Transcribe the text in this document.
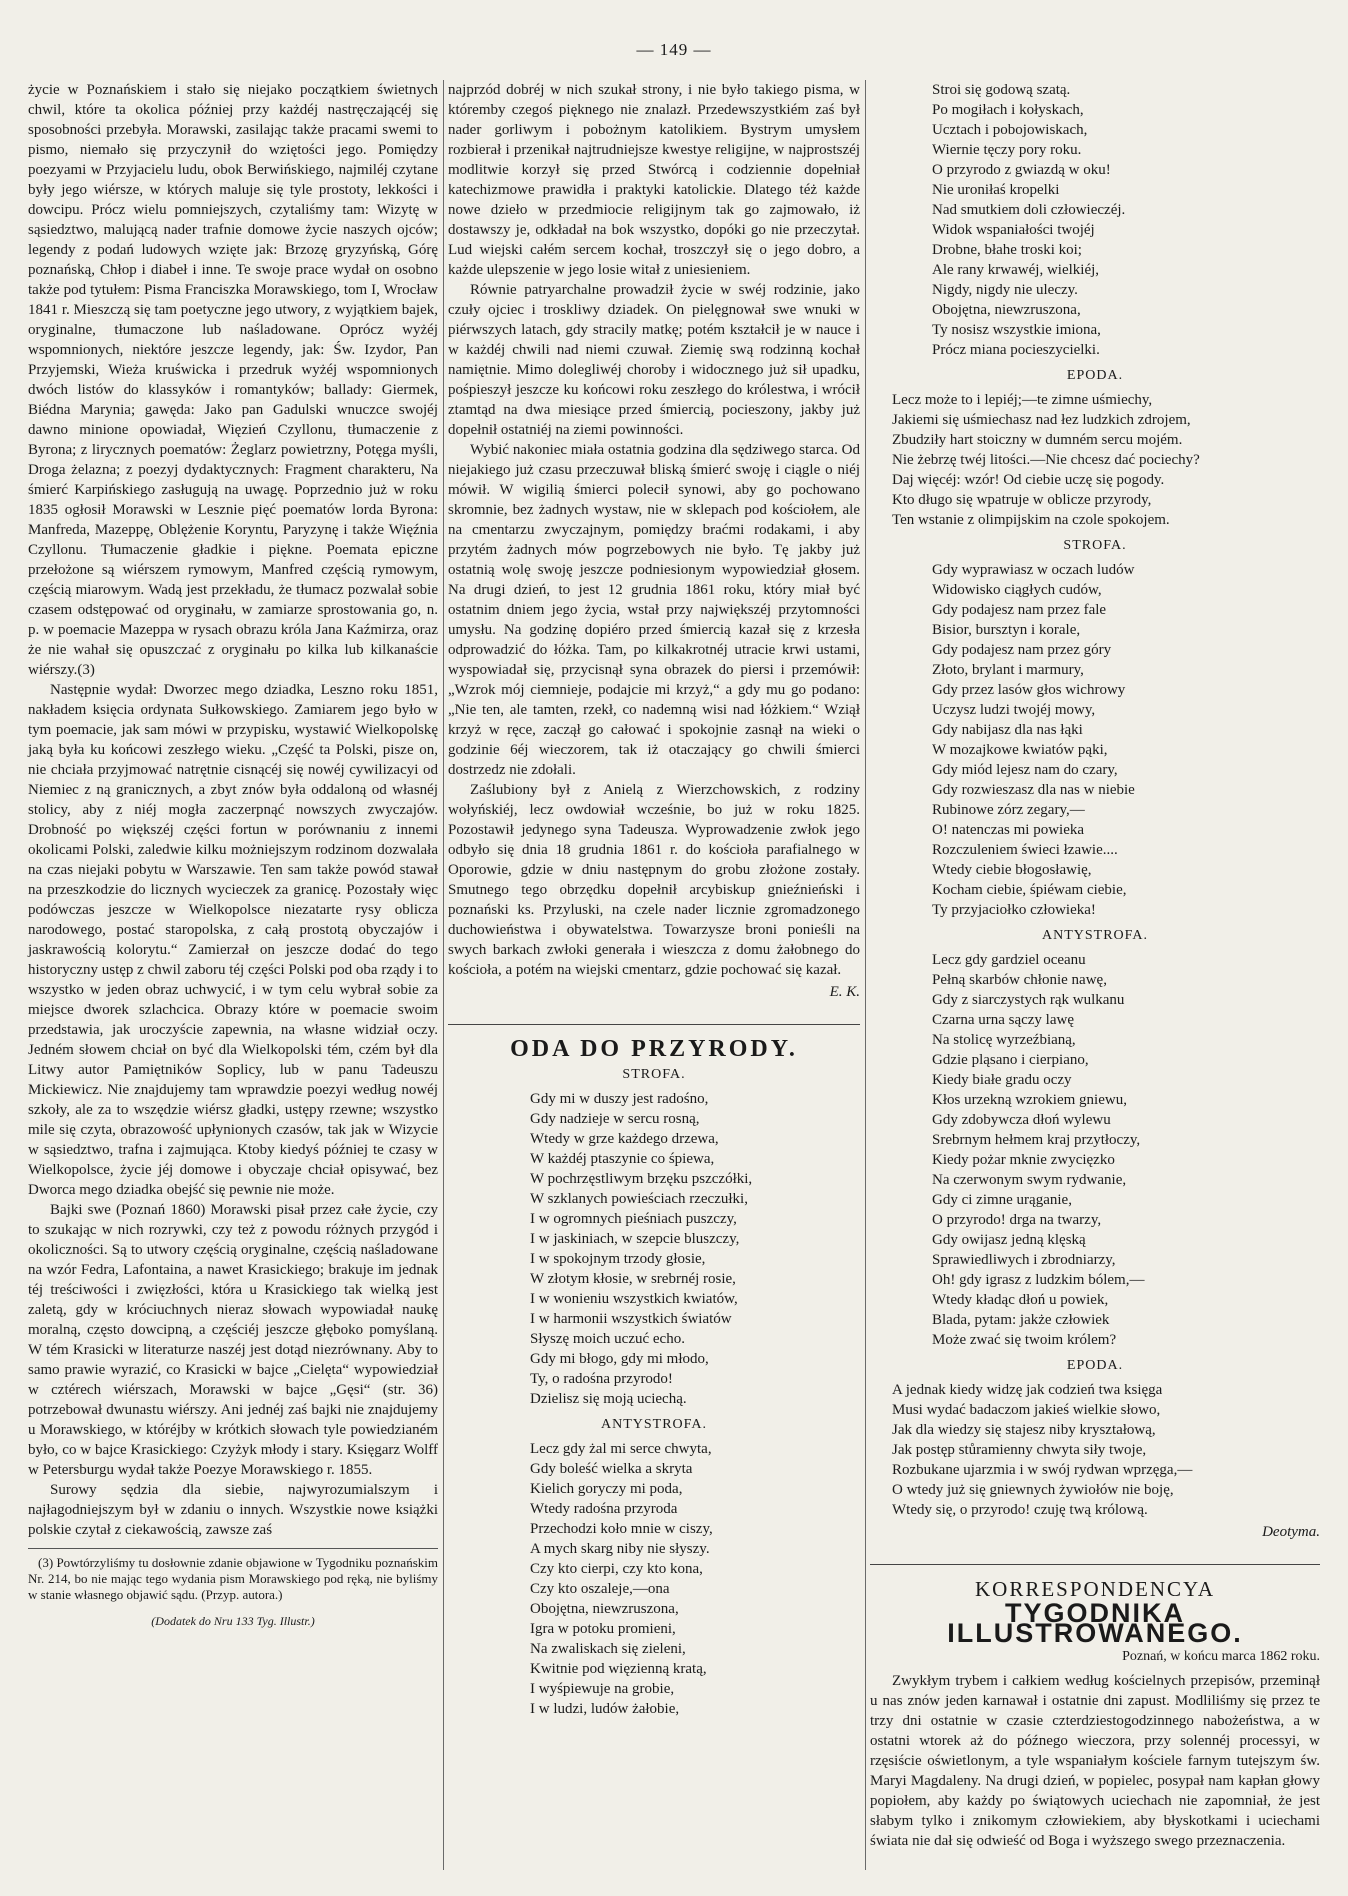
— 149 —

życie w Poznańskiem i stało się niejako początkiem świetnych chwil, które ta okolica później przy każdéj nastręczającéj się sposobności przebyła. Morawski, zasilając także pracami swemi to pismo, niemało się przyczynił do wziętości jego. Pomiędzy poezyami w Przyjacielu ludu, obok Berwińskiego, najmiléj czytane były jego wiérsze, w których maluje się tyle prostoty, lekkości i dowcipu. Prócz wielu pomniejszych, czytaliśmy tam: Wizytę w sąsiedztwo, malującą nader trafnie domowe życie naszych ojców; legendy z podań ludowych wzięte jak: Brzozę gryzyńską, Górę poznańską, Chłop i diabeł i inne. Te swoje prace wydał on osobno także pod tytułem: Pisma Franciszka Morawskiego, tom I, Wrocław 1841 r. Mieszczą się tam poetyczne jego utwory, z wyjątkiem bajek, oryginalne, tłumaczone lub naśladowane. Oprócz wyżéj wspomnionych, niektóre jeszcze legendy, jak: Św. Izydor, Pan Przyjemski, Wieża kruświcka i przedruk wyżéj wspomnionych dwóch listów do klassyków i romantyków; ballady: Giermek, Biédna Marynia; gawęda: Jako pan Gadulski wnuczce swojéj dawno minione opowiadał, Więzień Czyllonu, tłumaczenie z Byrona; z lirycznych poematów: Żeglarz powietrzny, Potęga myśli, Droga żelazna; z poezyj dydaktycznych: Fragment charakteru, Na śmierć Karpińskiego zasługują na uwagę. Poprzednio już w roku 1835 ogłosił Morawski w Lesznie pięć poematów lorda Byrona: Manfreda, Mazeppę, Oblężenie Koryntu, Paryzynę i także Więźnia Czyllonu. Tłumaczenie gładkie i piękne. Poemata epiczne przełożone są wiérszem rymowym, Manfred częścią rymowym, częścią miarowym. Wadą jest przekładu, że tłumacz pozwalał sobie czasem odstępować od oryginału, w zamiarze sprostowania go, n. p. w poemacie Mazeppa w rysach obrazu króla Jana Kaźmirza, oraz że nie wahał się opuszczać z oryginału po kilka lub kilkanaście wiérszy.(3)

Następnie wydał: Dworzec mego dziadka, Leszno roku 1851, nakładem księcia ordynata Sułkowskiego. Zamiarem jego było w tym poemacie, jak sam mówi w przypisku, wystawić Wielkopolskę jaką była ku końcowi zeszłego wieku. „Część ta Polski, pisze on, nie chciała przyjmować natrętnie cisnącéj się nowéj cywilizacyi od Niemiec z ną granicznych, a zbyt znów była oddaloną od własnéj stolicy, aby z niéj mogła zaczerpnąć nowszych zwyczajów. Drobność po większéj części fortun w porównaniu z innemi okolicami Polski, zaledwie kilku możniejszym rodzinom dozwalała na czas niejaki pobytu w Warszawie. Ten sam także powód stawał na przeszkodzie do licznych wycieczek za granicę. Pozostały więc podówczas jeszcze w Wielkopolsce niezatarte rysy oblicza narodowego, postać staropolska, z całą prostotą obyczajów i jaskrawością kolorytu.“ Zamierzał on jeszcze dodać do tego historyczny ustęp z chwil zaboru téj części Polski pod oba rządy i to wszystko w jeden obraz uchwycić, i w tym celu wybrał sobie za miejsce dworek szlachcica. Obrazy które w poemacie swoim przedstawia, jak uroczyście zapewnia, na własne widział oczy. Jedném słowem chciał on być dla Wielkopolski tém, czém był dla Litwy autor Pamiętników Soplicy, lub w panu Tadeuszu Mickiewicz. Nie znajdujemy tam wprawdzie poezyi według nowéj szkoły, ale za to wszędzie wiérsz gładki, ustępy rzewne; wszystko mile się czyta, obrazowość upłynionych czasów, tak jak w Wizycie w sąsiedztwo, trafna i zajmująca. Ktoby kiedyś później te czasy w Wielkopolsce, życie jéj domowe i obyczaje chciał opisywać, bez Dworca mego dziadka obejść się pewnie nie może.

Bajki swe (Poznań 1860) Morawski pisał przez całe życie, czy to szukając w nich rozrywki, czy też z powodu różnych przygód i okoliczności. Są to utwory częścią oryginalne, częścią naśladowane na wzór Fedra, Lafontaina, a nawet Krasickiego; brakuje im jednak téj treściwości i zwięzłości, która u Krasickiego tak wielką jest zaletą, gdy w króciuchnych nieraz słowach wypowiadał naukę moralną, często dowcipną, a częściéj jeszcze głęboko pomyślaną. W tém Krasicki w literaturze naszéj jest dotąd niezrównany. Aby to samo prawie wyrazić, co Krasicki w bajce „Cielęta“ wypowiedział w cztérech wiérszach, Morawski w bajce „Gęsi“ (str. 36) potrzebował dwunastu wiérszy. Ani jednéj zaś bajki nie znajdujemy u Morawskiego, w któréjby w krótkich słowach tyle powiedzianém było, co w bajce Krasickiego: Czyżyk młody i stary. Księgarz Wolff w Petersburgu wydał także Poezye Morawskiego r. 1855.

Surowy sędzia dla siebie, najwyrozumialszym i najłagodniejszym był w zdaniu o innych. Wszystkie nowe książki polskie czytał z ciekawością, zawsze zaś

(3) Powtórzyliśmy tu dosłownie zdanie objawione w Tygodniku poznańskim Nr. 214, bo nie mając tego wydania pism Morawskiego pod ręką, nie byliśmy w stanie własnego objawić sądu. (Przyp. autora.)

(Dodatek do Nru 133 Tyg. Illustr.)

najprzód dobréj w nich szukał strony, i nie było takiego pisma, w któremby czegoś pięknego nie znalazł. Przedewszystkiém zaś był nader gorliwym i pobożnym katolikiem. Bystrym umysłem rozbierał i przenikał najtrudniejsze kwestye religijne, w najprostszéj modlitwie korzył się przed Stwórcą i codziennie dopełniał katechizmowe prawidła i praktyki katolickie. Dlatego téż każde nowe dzieło w przedmiocie religijnym tak go zajmowało, iż dostawszy je, odkładał na bok wszystko, dopóki go nie przeczytał. Lud wiejski całém sercem kochał, troszczył się o jego dobro, a każde ulepszenie w jego losie witał z uniesieniem.

Równie patryarchalne prowadził życie w swéj rodzinie, jako czuły ojciec i troskliwy dziadek. On pielęgnował swe wnuki w piérwszych latach, gdy stracily matkę; potém kształcił je w nauce i w każdéj chwili nad niemi czuwał. Ziemię swą rodzinną kochał namiętnie. Mimo dolegliwéj choroby i widocznego już sił upadku, pośpieszył jeszcze ku końcowi roku zeszłego do królestwa, i wrócił ztamtąd na dwa miesiące przed śmiercią, pocieszony, jakby już dopełnił ostatniéj na ziemi powinności.

Wybić nakoniec miała ostatnia godzina dla sędziwego starca. Od niejakiego już czasu przeczuwał bliską śmierć swoję i ciągle o niéj mówił. W wigilią śmierci polecił synowi, aby go pochowano skromnie, bez żadnych wystaw, nie w sklepach pod kościołem, ale na cmentarzu zwyczajnym, pomiędzy braćmi rodakami, i aby przytém żadnych mów pogrzebowych nie było. Tę jakby już ostatnią wolę swoję jeszcze podniesionym wypowiedział głosem. Na drugi dzień, to jest 12 grudnia 1861 roku, który miał być ostatnim dniem jego życia, wstał przy największéj przytomności umysłu. Na godzinę dopiéro przed śmiercią kazał się z krzesła odprowadzić do łóżka. Tam, po kilkakrotnéj utracie krwi ustami, wyspowiadał się, przycisnął syna obrazek do piersi i przemówił: „Wzrok mój ciemnieje, podajcie mi krzyż,“ a gdy mu go podano: „Nie ten, ale tamten, rzekł, co nademną wisi nad łóżkiem.“ Wziął krzyż w ręce, zaczął go całować i spokojnie zasnął na wieki o godzinie 6éj wieczorem, tak iż otaczający go chwili śmierci dostrzedz nie zdołali.

Zaślubiony był z Anielą z Wierzchowskich, z rodziny wołyńskiéj, lecz owdowiał wcześnie, bo już w roku 1825. Pozostawił jedynego syna Tadeusza. Wyprowadzenie zwłok jego odbyło się dnia 18 grudnia 1861 r. do kościoła parafialnego w Oporowie, gdzie w dniu następnym do grobu złożone zostały. Smutnego tego obrzędku dopełnił arcybiskup gnieźnieński i poznański ks. Przyluski, na czele nader licznie zgromadzonego duchowieństwa i obywatelstwa. Towarzysze broni ponieśli na swych barkach zwłoki generała i wieszcza z domu żałobnego do kościoła, a potém na wiejski cmentarz, gdzie pochować się kazał.

E. K.
ODA DO PRZYRODY.
STROFA.
Gdy mi w duszy jest radośno,
Gdy nadzieje w sercu rosną,
Wtedy w grze każdego drzewa,
W każdéj ptaszynie co śpiewa,
W pochrzęstliwym brzęku pszczółki,
W szklanych powieściach rzeczułki,
I w ogromnych pieśniach puszczy,
I w jaskiniach, w szepcie bluszczy,
I w spokojnym trzody głosie,
W złotym kłosie, w srebrnéj rosie,
I w wonieniu wszystkich kwiatów,
I w harmonii wszystkich światów
Słyszę moich uczuć echo.
Gdy mi błogo, gdy mi młodo,
Ty, o radośna przyrodo!
Dzielisz się moją uciechą.
ANTYSTROFA.
Lecz gdy żal mi serce chwyta,
Gdy boleść wielka a skryta
Kielich goryczy mi poda,
Wtedy radośna przyroda
Przechodzi koło mnie w ciszy,
A mych skarg niby nie słyszy.
Czy kto cierpi, czy kto kona,
Czy kto oszaleje,—ona
Obojętna, niewzruszona,
Igra w potoku promieni,
Na zwaliskach się zieleni,
Kwitnie pod więzienną kratą,
I wyśpiewuje na grobie,
I w ludzi, ludów żałobie,
Stroi się godową szatą.
Po mogiłach i kołyskach,
Ucztach i pobojowiskach,
Wiernie tęczy pory roku.
O przyrodo z gwiazdą w oku!
Nie uroniłaś kropelki
Nad smutkiem doli człowieczéj.
Widok wspaniałości twojéj
Drobne, błahe troski koi;
Ale rany krwawéj, wielkiéj,
Nigdy, nigdy nie uleczy.
Obojętna, niewzruszona,
Ty nosisz wszystkie imiona,
Prócz miana pocieszycielki.
EPODA.
Lecz może to i lepiéj;—te zimne uśmiechy,
Jakiemi się uśmiechasz nad łez ludzkich zdrojem,
Zbudziły hart stoiczny w dumném sercu mojém.
Nie żebrzę twéj litości.—Nie chcesz dać pociechy?
Daj więcéj: wzór! Od ciebie uczę się pogody.
Kto długo się wpatruje w oblicze przyrody,
Ten wstanie z olimpijskim na czole spokojem.
STROFA.
Gdy wyprawiasz w oczach ludów
Widowisko ciągłych cudów,
Gdy podajesz nam przez fale
Bisior, bursztyn i korale,
Gdy podajesz nam przez góry
Złoto, brylant i marmury,
Gdy przez lasów głos wichrowy
Uczysz ludzi twojéj mowy,
Gdy nabijasz dla nas łąki
W mozajkowe kwiatów pąki,
Gdy miód lejesz nam do czary,
Gdy rozwieszasz dla nas w niebie
Rubinowe zórz zegary,—
O! natenczas mi powieka
Rozczuleniem świeci łzawie....
Wtedy ciebie błogosławię,
Kocham ciebie, śpiéwam ciebie,
Ty przyjaciołko człowieka!
ANTYSTROFA.
Lecz gdy gardziel oceanu
Pełną skarbów chłonie nawę,
Gdy z siarczystych rąk wulkanu
Czarna urna sączy lawę
Na stolicę wyrzeźbianą,
Gdzie pląsano i cierpiano,
Kiedy białe gradu oczy
Kłos urzekną wzrokiem gniewu,
Gdy zdobywcza dłoń wylewu
Srebrnym hełmem kraj przytłoczy,
Kiedy pożar mknie zwycięzko
Na czerwonym swym rydwanie,
Gdy ci zimne urąganie,
O przyrodo! drga na twarzy,
Gdy owijasz jedną klęską
Sprawiedliwych i zbrodniarzy,
Oh! gdy igrasz z ludzkim bólem,—
Wtedy kładąc dłoń u powiek,
Blada, pytam: jakże człowiek
Może zwać się twoim królem?
EPODA.
A jednak kiedy widzę jak codzień twa księga
Musi wydać badaczom jakieś wielkie słowo,
Jak dla wiedzy się stajesz niby kryształową,
Jak postęp stůramienny chwyta siły twoje,
Rozbukane ujarzmia i w swój rydwan wprzęga,—
O wtedy już się gniewnych żywiołów nie boję,
Wtedy się, o przyrodo! czuję twą królową.
Deotyma.
KORRESPONDENCYA
TYGODNIKA ILLUSTROWANEGO.
Poznań, w końcu marca 1862 roku.

Zwykłym trybem i całkiem według kościelnych przepisów, przeminął u nas znów jeden karnawał i ostatnie dni zapust. Modliliśmy się przez te trzy dni ostatnie w czasie czterdziestogodzinnego nabożeństwa, a w ostatni wtorek aż do późnego wieczora, przy solennéj processyi, w rzęsiście oświetlonym, a tyle wspaniałym kościele farnym tutejszym św. Maryi Magdaleny. Na drugi dzień, w popielec, posypał nam kapłan głowy popiołem, aby każdy po świątowych uciechach nie zapomniał, że jest słabym tylko i znikomym człowiekiem, aby błyskotkami i uciechami świata nie dał się odwieść od Boga i wyższego swego przeznaczenia.
